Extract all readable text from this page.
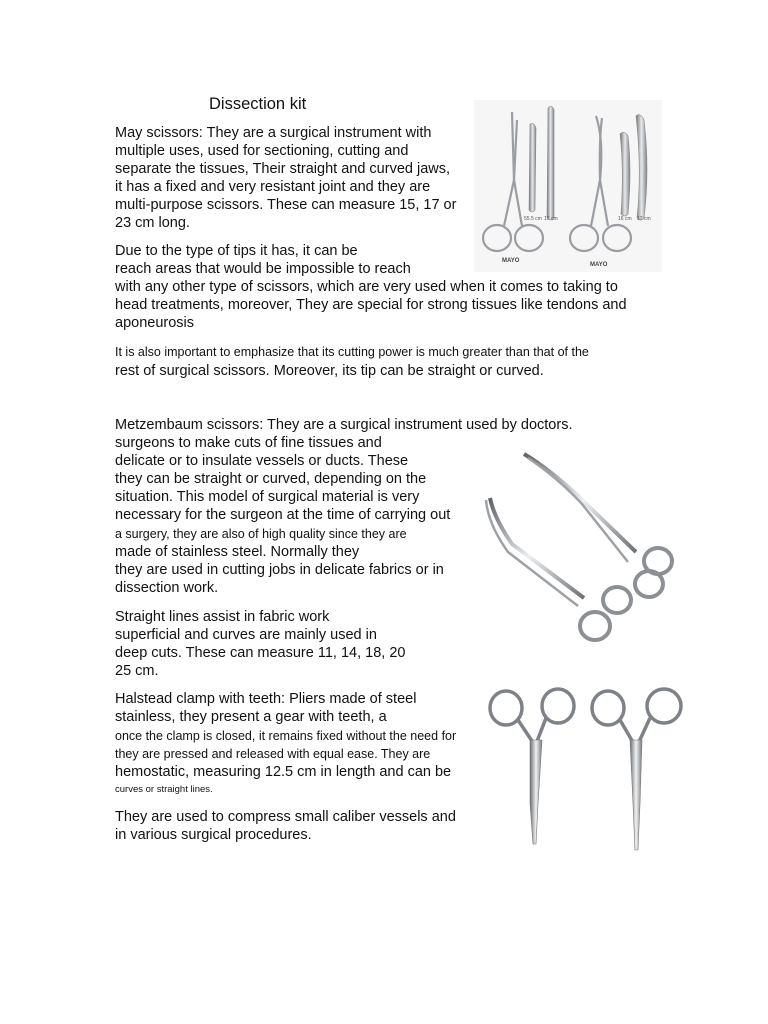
Dissection kit
May scissors: They are a surgical instrument with
multiple uses, used for sectioning, cutting and
separate the tissues, Their straight and curved jaws,
it has a fixed and very resistant joint and they are
multi-purpose scissors. These can measure 15, 17 or
23 cm long.
Due to the type of tips it has, it can be
reach areas that would be impossible to reach
with any other type of scissors, which are very used when it comes to taking to
head treatments, moreover, They are special for strong tissues like tendons and
aponeurosis
It is also important to emphasize that its cutting power is much greater than that of the
rest of surgical scissors. Moreover, its tip can be straight or curved.
Metzembaum scissors: They are a surgical instrument used by doctors.
surgeons to make cuts of fine tissues and
delicate or to insulate vessels or ducts. These
they can be straight or curved, depending on the
situation. This model of surgical material is very
necessary for the surgeon at the time of carrying out
a surgery, they are also of high quality since they are
made of stainless steel. Normally they
they are used in cutting jobs in delicate fabrics or in
dissection work.
Straight lines assist in fabric work
superficial and curves are mainly used in
deep cuts. These can measure 11, 14, 18, 20
25 cm.
Halstead clamp with teeth: Pliers made of steel
stainless, they present a gear with teeth, a
once the clamp is closed, it remains fixed without the need for
they are pressed and released with equal ease. They are
hemostatic, measuring 12.5 cm in length and can be
curves or straight lines.
They are used to compress small caliber vessels and
in various surgical procedures.
55.5 cm 17 cm	16 cm 17 cm
MAYO
MAYO
